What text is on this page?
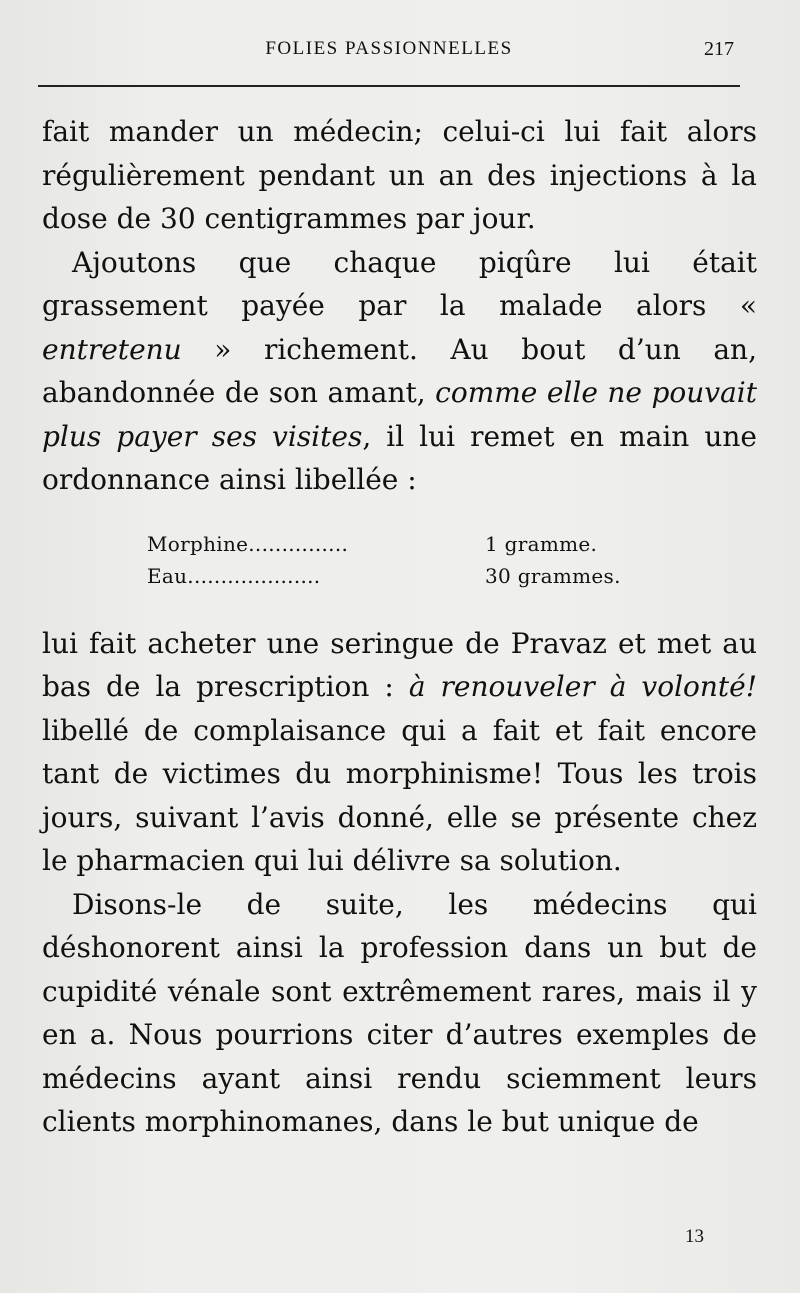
FOLIES PASSIONNELLES	217

fait mander un médecin; celui-ci lui fait alors régulièrement pendant un an des injections à la dose de 30 centigrammes par jour.

Ajoutons que chaque piqûre lui était grassement payée par la malade alors « entretenu » richement. Au bout d’un an, abandonnée de son amant, comme elle ne pouvait plus payer ses visites, il lui remet en main une ordonnance ainsi libellée :

Morphine...............	1 gramme.
Eau....................	30 grammes.

lui fait acheter une seringue de Pravaz et met au bas de la prescription : à renouveler à volonté! libellé de complaisance qui a fait et fait encore tant de victimes du morphinisme! Tous les trois jours, suivant l’avis donné, elle se présente chez le pharmacien qui lui délivre sa solution.

Disons-le de suite, les médecins qui déshonorent ainsi la profession dans un but de cupidité vénale sont extrêmement rares, mais il y en a. Nous pourrions citer d’autres exemples de médecins ayant ainsi rendu sciemment leurs clients morphinomanes, dans le but unique de

13
